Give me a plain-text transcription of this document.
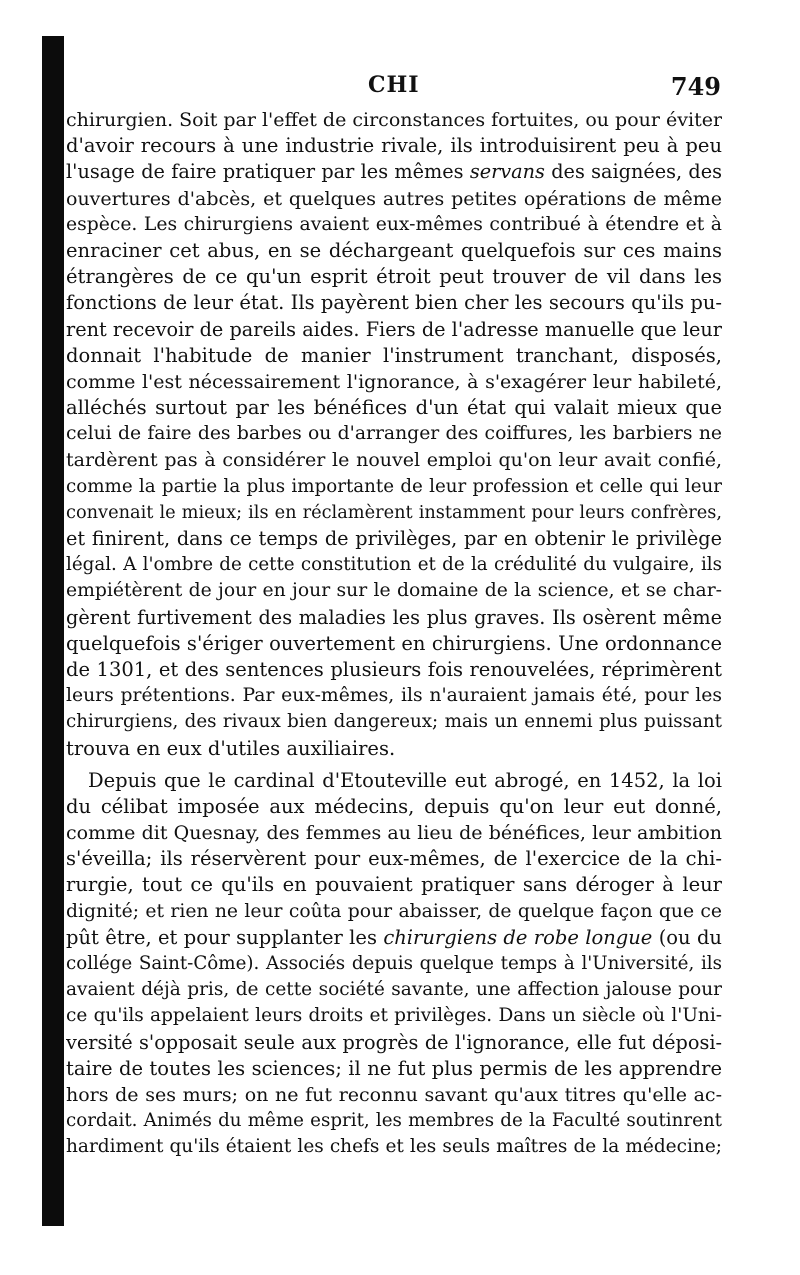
CHI	749
chirurgien. Soit par l'effet de circonstances fortuites, ou pour éviter
d'avoir recours à une industrie rivale, ils introduisirent peu à peu
l'usage de faire pratiquer par les mêmes servans des saignées, des
ouvertures d'abcès, et quelques autres petites opérations de même
espèce. Les chirurgiens avaient eux-mêmes contribué à étendre et à
enraciner cet abus, en se déchargeant quelquefois sur ces mains
étrangères de ce qu'un esprit étroit peut trouver de vil dans les
fonctions de leur état. Ils payèrent bien cher les secours qu'ils pu-
rent recevoir de pareils aides. Fiers de l'adresse manuelle que leur
donnait l'habitude de manier l'instrument tranchant, disposés,
comme l'est nécessairement l'ignorance, à s'exagérer leur habileté,
alléchés surtout par les bénéfices d'un état qui valait mieux que
celui de faire des barbes ou d'arranger des coiffures, les barbiers ne
tardèrent pas à considérer le nouvel emploi qu'on leur avait confié,
comme la partie la plus importante de leur profession et celle qui leur
convenait le mieux; ils en réclamèrent instamment pour leurs confrères,
et finirent, dans ce temps de privilèges, par en obtenir le privilège
légal. A l'ombre de cette constitution et de la crédulité du vulgaire, ils
empiétèrent de jour en jour sur le domaine de la science, et se char-
gèrent furtivement des maladies les plus graves. Ils osèrent même
quelquefois s'ériger ouvertement en chirurgiens. Une ordonnance
de 1301, et des sentences plusieurs fois renouvelées, réprimèrent
leurs prétentions. Par eux-mêmes, ils n'auraient jamais été, pour les
chirurgiens, des rivaux bien dangereux; mais un ennemi plus puissant
trouva en eux d'utiles auxiliaires.
Depuis que le cardinal d'Etouteville eut abrogé, en 1452, la loi
du célibat imposée aux médecins, depuis qu'on leur eut donné,
comme dit Quesnay, des femmes au lieu de bénéfices, leur ambition
s'éveilla; ils réservèrent pour eux-mêmes, de l'exercice de la chi-
rurgie, tout ce qu'ils en pouvaient pratiquer sans déroger à leur
dignité; et rien ne leur coûta pour abaisser, de quelque façon que ce
pût être, et pour supplanter les chirurgiens de robe longue (ou du
collége Saint-Côme). Associés depuis quelque temps à l'Université, ils
avaient déjà pris, de cette société savante, une affection jalouse pour
ce qu'ils appelaient leurs droits et privilèges. Dans un siècle où l'Uni-
versité s'opposait seule aux progrès de l'ignorance, elle fut déposi-
taire de toutes les sciences; il ne fut plus permis de les apprendre
hors de ses murs; on ne fut reconnu savant qu'aux titres qu'elle ac-
cordait. Animés du même esprit, les membres de la Faculté soutinrent
hardiment qu'ils étaient les chefs et les seuls maîtres de la médecine;
